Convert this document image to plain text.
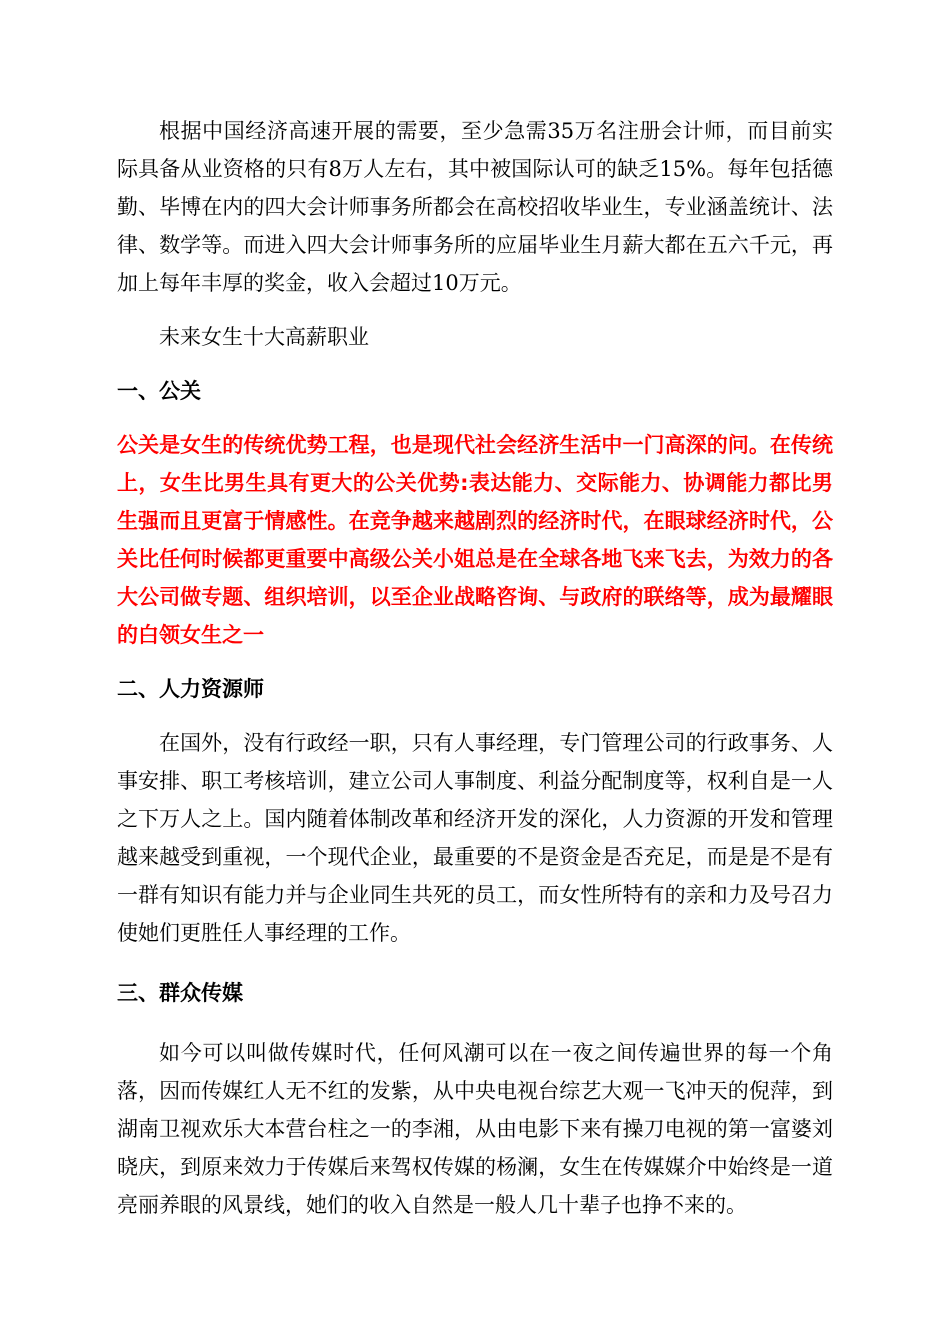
根据中国经济高速开展的需要，至少急需35万名注册会计师，而目前实际具备从业资格的只有8万人左右，其中被国际认可的缺乏15%。每年包括德勤、毕博在内的四大会计师事务所都会在高校招收毕业生，专业涵盖统计、法律、数学等。而进入四大会计师事务所的应届毕业生月薪大都在五六千元，再加上每年丰厚的奖金，收入会超过10万元。

未来女生十大高薪职业

一、公关

公关是女生的传统优势工程，也是现代社会经济生活中一门高深的问。在传统上，女生比男生具有更大的公关优势:表达能力、交际能力、协调能力都比男生强而且更富于情感性。在竞争越来越剧烈的经济时代，在眼球经济时代，公关比任何时候都更重要中高级公关小姐总是在全球各地飞来飞去，为效力的各大公司做专题、组织培训，以至企业战略咨询、与政府的联络等，成为最耀眼的白领女生之一

二、人力资源师

在国外，没有行政经一职，只有人事经理，专门管理公司的行政事务、人事安排、职工考核培训，建立公司人事制度、利益分配制度等，权利自是一人之下万人之上。国内随着体制改革和经济开发的深化，人力资源的开发和管理越来越受到重视，一个现代企业，最重要的不是资金是否充足，而是是不是有一群有知识有能力并与企业同生共死的员工，而女性所特有的亲和力及号召力使她们更胜任人事经理的工作。

三、群众传媒

如今可以叫做传媒时代，任何风潮可以在一夜之间传遍世界的每一个角落，因而传媒红人无不红的发紫，从中央电视台综艺大观一飞冲天的倪萍，到湖南卫视欢乐大本营台柱之一的李湘，从由电影下来有操刀电视的第一富婆刘晓庆，到原来效力于传媒后来驾权传媒的杨澜，女生在传媒媒介中始终是一道亮丽养眼的风景线，她们的收入自然是一般人几十辈子也挣不来的。
